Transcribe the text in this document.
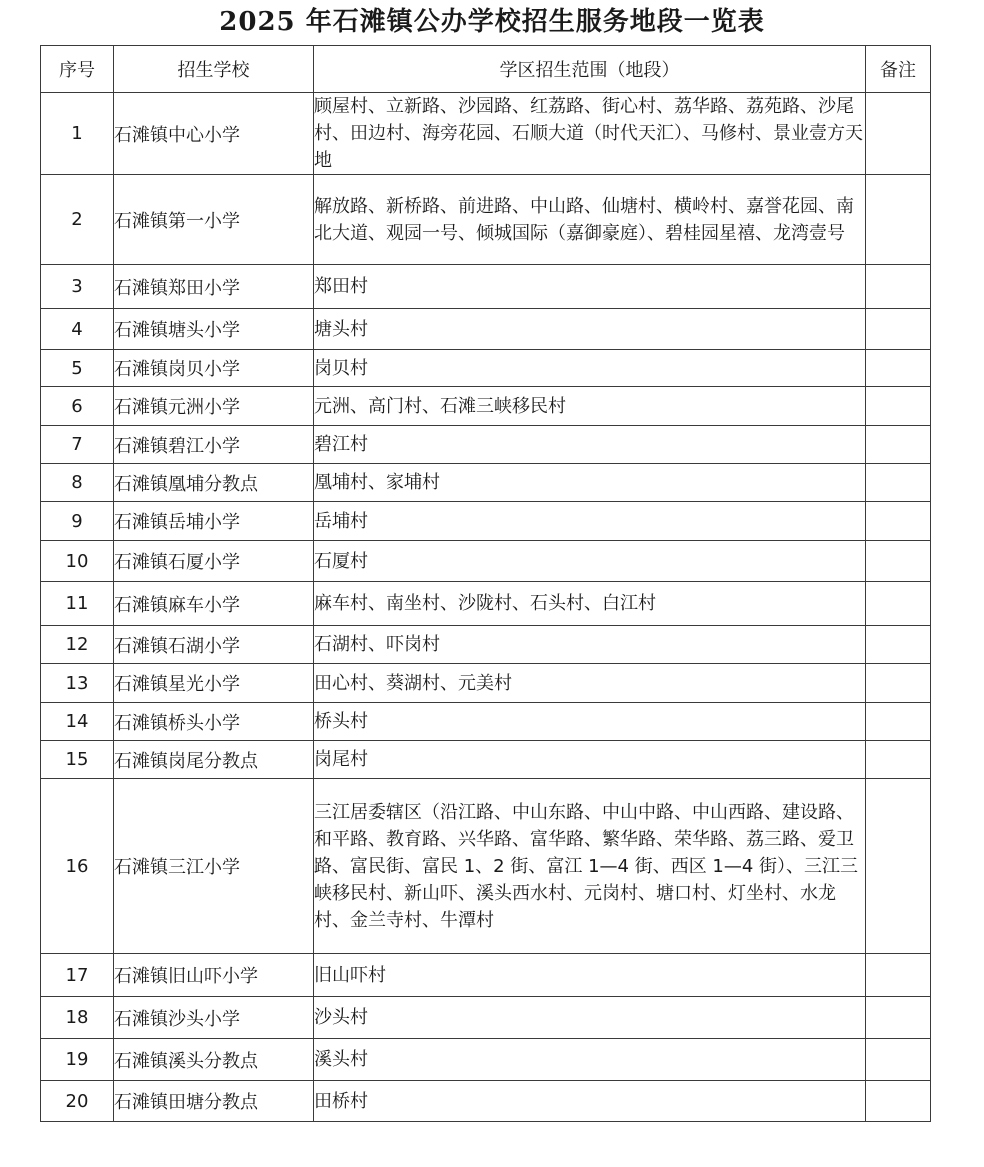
2025 年石滩镇公办学校招生服务地段一览表
序号	招生学校	学区招生范围（地段）	备注
1	石滩镇中心小学	顾屋村、立新路、沙园路、红荔路、街心村、荔华路、荔苑路、沙尾村、田边村、海旁花园、石顺大道（时代天汇）、马修村、景业壹方天地	
2	石滩镇第一小学	解放路、新桥路、前进路、中山路、仙塘村、横岭村、嘉誉花园、南北大道、观园一号、倾城国际（嘉御豪庭）、碧桂园星禧、龙湾壹号	
3	石滩镇郑田小学	郑田村	
4	石滩镇塘头小学	塘头村	
5	石滩镇岗贝小学	岗贝村	
6	石滩镇元洲小学	元洲、高门村、石滩三峡移民村	
7	石滩镇碧江小学	碧江村	
8	石滩镇凰埔分教点	凰埔村、家埔村	
9	石滩镇岳埔小学	岳埔村	
10	石滩镇石厦小学	石厦村	
11	石滩镇麻车小学	麻车村、南坐村、沙陇村、石头村、白江村	
12	石滩镇石湖小学	石湖村、吓岗村	
13	石滩镇星光小学	田心村、葵湖村、元美村	
14	石滩镇桥头小学	桥头村	
15	石滩镇岗尾分教点	岗尾村	
16	石滩镇三江小学	三江居委辖区（沿江路、中山东路、中山中路、中山西路、建设路、和平路、教育路、兴华路、富华路、繁华路、荣华路、荔三路、爱卫路、富民街、富民 1、2 街、富江 1—4 街、西区 1—4 街）、三江三峡移民村、新山吓、溪头西水村、元岗村、塘口村、灯坐村、水龙村、金兰寺村、牛潭村	
17	石滩镇旧山吓小学	旧山吓村	
18	石滩镇沙头小学	沙头村	
19	石滩镇溪头分教点	溪头村	
20	石滩镇田塘分教点	田桥村	
